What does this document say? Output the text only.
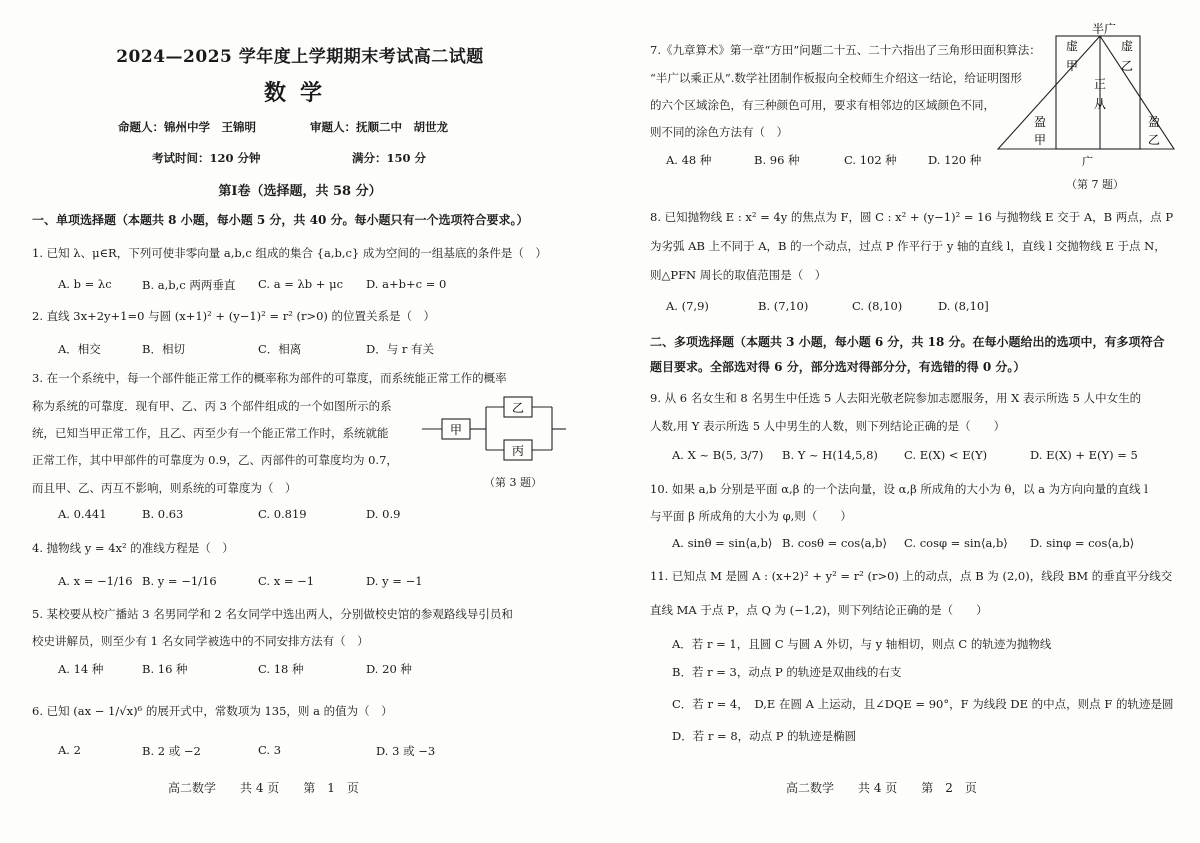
2024—2025 学年度上学期期末考试高二试题
数学
命题人：锦州中学　王锦明	审题人：抚顺二中　胡世龙
考试时间：120 分钟	满分：150 分
第Ⅰ卷（选择题，共 58 分）
一、单项选择题（本题共 8 小题，每小题 5 分，共 40 分。每小题只有一个选项符合要求。）
1. 已知 λ、μ∈R，下列可使非零向量 a,b,c 组成的集合 {a,b,c} 成为空间的一组基底的条件是（　）
A. b = λc	B. a,b,c 两两垂直 C. a = λb + μc D. a+b+c = 0
2. 直线 3x+2y+1=0 与圆 (x+1)² + (y−1)² = r² (r>0) 的位置关系是（　）
A．相交	B．相切	C．相离	D．与 r 有关
3. 在一个系统中，每一个部件能正常工作的概率称为部件的可靠度，而系统能正常工作的概率
称为系统的可靠度．现有甲、乙、丙 3 个部件组成的一个如图所示的系
统，已知当甲正常工作，且乙、丙至少有一个能正常工作时，系统就能
正常工作，其中甲部件的可靠度为 0.9，乙、丙部件的可靠度均为 0.7，
而且甲、乙、丙互不影响，则系统的可靠度为（　）
A. 0.441	B. 0.63	C. 0.819	D. 0.9
甲
乙
丙
（第 3 题）
4. 抛物线 y = 4x² 的准线方程是（　）
A. x = −1/16 B. y = −1/16	C. x = −1	D. y = −1
5. 某校要从校广播站 3 名男同学和 2 名女同学中选出两人，分别做校史馆的参观路线导引员和
校史讲解员，则至少有 1 名女同学被选中的不同安排方法有（　）
A. 14 种	B. 16 种	C. 18 种	D. 20 种
6. 已知 (ax − 1/√x)⁶ 的展开式中，常数项为 135，则 a 的值为（　）
A. 2	B. 2 或 −2	C. 3	D. 3 或 −3
高二数学　　共 4 页　　第　1　页
7.《九章算术》第一章“方田”问题二十五、二十六指出了三角形田面积算法：
“半广以乘正从”.数学社团制作板报向全校师生介绍这一结论，给证明图形
的六个区域涂色，有三种颜色可用，要求有相邻边的区域颜色不同，
则不同的涂色方法有（　）
A. 48 种	B. 96 种	C. 102 种	D. 120 种
半广
虚甲
虚乙
正从
盈甲
盈乙
广
（第 7 题）
8. 已知抛物线 E : x² = 4y 的焦点为 F，圆 C : x² + (y−1)² = 16 与抛物线 E 交于 A，B 两点，点 P
为劣弧 AB 上不同于 A，B 的一个动点，过点 P 作平行于 y 轴的直线 l，直线 l 交抛物线 E 于点 N，
则△PFN 周长的取值范围是（　）
A. (7,9)	B. (7,10)	C. (8,10)	D. (8,10]
二、多项选择题（本题共 3 小题，每小题 6 分，共 18 分。在每小题给出的选项中，有多项符合
题目要求。全部选对得 6 分，部分选对得部分分，有选错的得 0 分。）
9. 从 6 名女生和 8 名男生中任选 5 人去阳光敬老院参加志愿服务，用 X 表示所选 5 人中女生的
人数,用 Y 表示所选 5 人中男生的人数，则下列结论正确的是（　　）
A. X ~ B(5, 3/7) B. Y ~ H(14,5,8) C. E(X) < E(Y)	D. E(X) + E(Y) = 5
10. 如果 a,b 分别是平面 α,β 的一个法向量，设 α,β 所成角的大小为 θ，以 a 为方向向量的直线 l
与平面 β 所成角的大小为 φ,则（　　）
A. sinθ = sin⟨a,b⟩ B. cosθ = cos⟨a,b⟩ C. cosφ = sin⟨a,b⟩ D. sinφ = cos⟨a,b⟩
11. 已知点 M 是圆 A : (x+2)² + y² = r² (r>0) 上的动点，点 B 为 (2,0)，线段 BM 的垂直平分线交
直线 MA 于点 P，点 Q 为 (−1,2)，则下列结论正确的是（　　）
A．若 r = 1，且圆 C 与圆 A 外切，与 y 轴相切，则点 C 的轨迹为抛物线
B．若 r = 3，动点 P 的轨迹是双曲线的右支
C．若 r = 4，　D,E 在圆 A 上运动，且∠DQE = 90°，F 为线段 DE 的中点，则点 F 的轨迹是圆
D．若 r = 8，动点 P 的轨迹是椭圆
高二数学　　共 4 页　　第　2　页
